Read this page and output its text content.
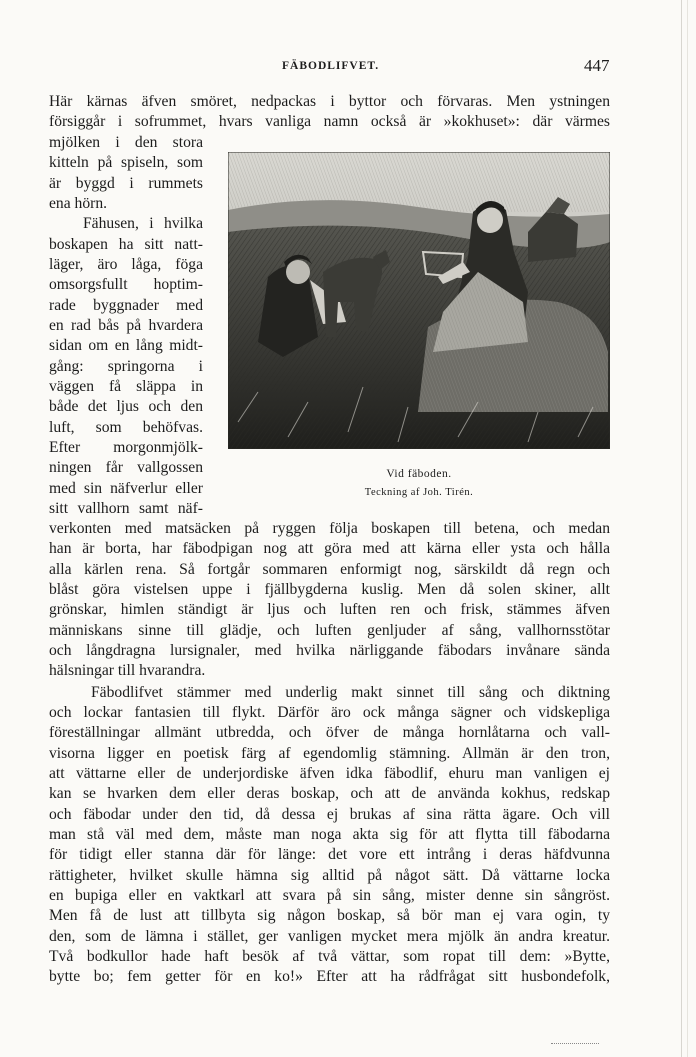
FÄBODLIFVET.	447
Här kärnas äfven smöret, nedpackas i byttor och förvaras. Men ystningen
försiggår i sofrummet, hvars vanliga namn också är »kokhuset»: där värmes
mjölken i den stora
kitteln på spiseln, som
är byggd i rummets
ena hörn.
Fähusen, i hvilka
boskapen ha sitt natt-
läger, äro låga, föga
omsorgsfullt hoptim-
rade byggnader med
en rad bås på hvardera
sidan om en lång midt-
gång: springorna i
väggen få släppa in
både det ljus och den
luft, som behöfvas.
Efter morgonmjölk-
ningen får vallgossen
med sin näfverlur eller
sitt vallhorn samt näf-
Vid fäboden.
Teckning af Joh. Tirén.
verkonten med matsäcken på ryggen följa boskapen till betena, och medan
han är borta, har fäbodpigan nog att göra med att kärna eller ysta och hålla
alla kärlen rena. Så fortgår sommaren enformigt nog, särskildt då regn och
blåst göra vistelsen uppe i fjällbygderna kuslig. Men då solen skiner, allt
grönskar, himlen ständigt är ljus och luften ren och frisk, stämmes äfven
människans sinne till glädje, och luften genljuder af sång, vallhornsstötar
och långdragna lursignaler, med hvilka närliggande fäbodars invånare sända
hälsningar till hvarandra.
Fäbodlifvet stämmer med underlig makt sinnet till sång och diktning
och lockar fantasien till flykt. Därför äro ock många sägner och vidskepliga
föreställningar allmänt utbredda, och öfver de många hornlåtarna och vall-
visorna ligger en poetisk färg af egendomlig stämning. Allmän är den tron,
att vättarne eller de underjordiske äfven idka fäbodlif, ehuru man vanligen ej
kan se hvarken dem eller deras boskap, och att de använda kokhus, redskap
och fäbodar under den tid, då dessa ej brukas af sina rätta ägare. Och vill
man stå väl med dem, måste man noga akta sig för att flytta till fäbodarna
för tidigt eller stanna där för länge: det vore ett intrång i deras häfdvunna
rättigheter, hvilket skulle hämna sig alltid på något sätt. Då vättarne locka
en bupiga eller en vaktkarl att svara på sin sång, mister denne sin sångröst.
Men få de lust att tillbyta sig någon boskap, så bör man ej vara ogin, ty
den, som de lämna i stället, ger vanligen mycket mera mjölk än andra kreatur.
Två bodkullor hade haft besök af två vättar, som ropat till dem: »Bytte,
bytte bo; fem getter för en ko!» Efter att ha rådfrågat sitt husbondefolk,
